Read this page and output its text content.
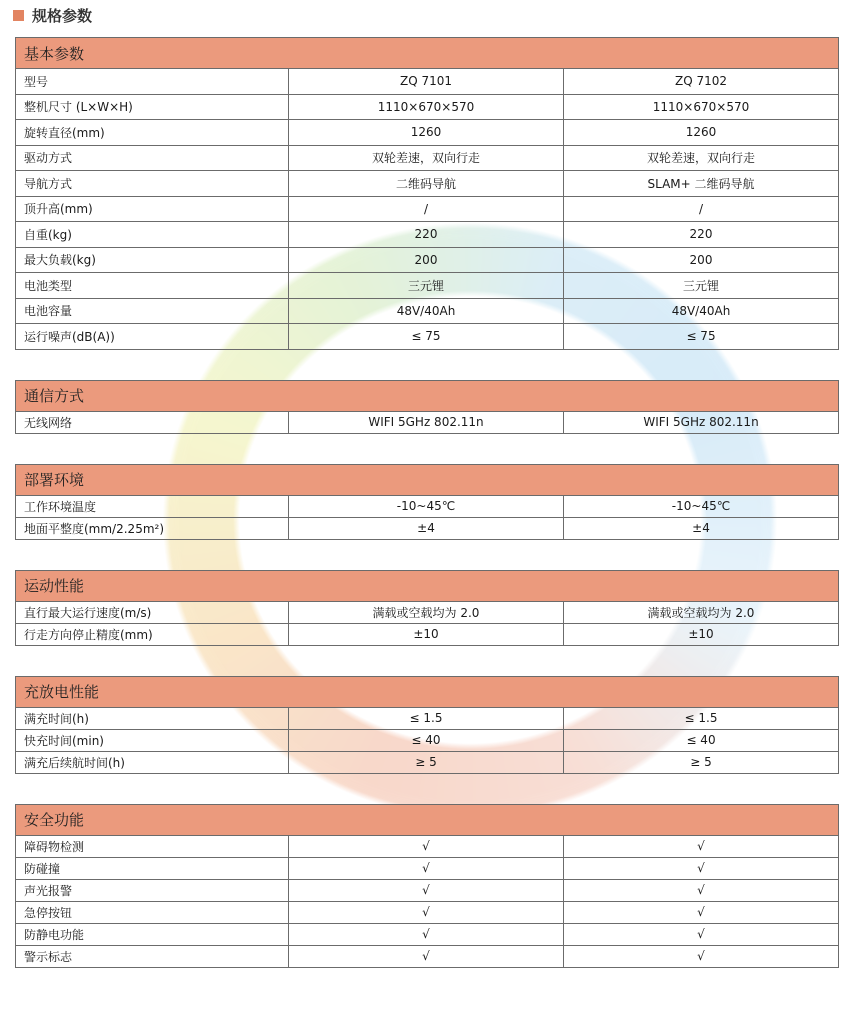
规格参数
基本参数		
型号	ZQ 7101	ZQ 7102
整机尺寸 (L×W×H)	1110×670×570	1110×670×570
旋转直径(mm)	1260	1260
驱动方式	双轮差速，双向行走	双轮差速，双向行走
导航方式	二维码导航	SLAM+ 二维码导航
顶升高(mm)	/	/
自重(kg)	220	220
最大负载(kg)	200	200
电池类型	三元锂	三元锂
电池容量	48V/40Ah	48V/40Ah
运行噪声(dB(A))	≤ 75	≤ 75
通信方式
无线网络	WIFI 5GHz 802.11n	WIFI 5GHz 802.11n
部署环境		
工作环境温度	-10~45℃	-10~45℃
地面平整度(mm/2.25m²)	±4	±4
运动性能		
直行最大运行速度(m/s)	满载或空载均为 2.0	满载或空载均为 2.0
行走方向停止精度(mm)	±10	±10
充放电性能		
满充时间(h)	≤ 1.5	≤ 1.5
快充时间(min)	≤ 40	≤ 40
满充后续航时间(h)	≥ 5	≥ 5
安全功能		
障碍物检测	√	√
防碰撞	√	√
声光报警	√	√
急停按钮	√	√
防静电功能	√	√
警示标志	√	√
